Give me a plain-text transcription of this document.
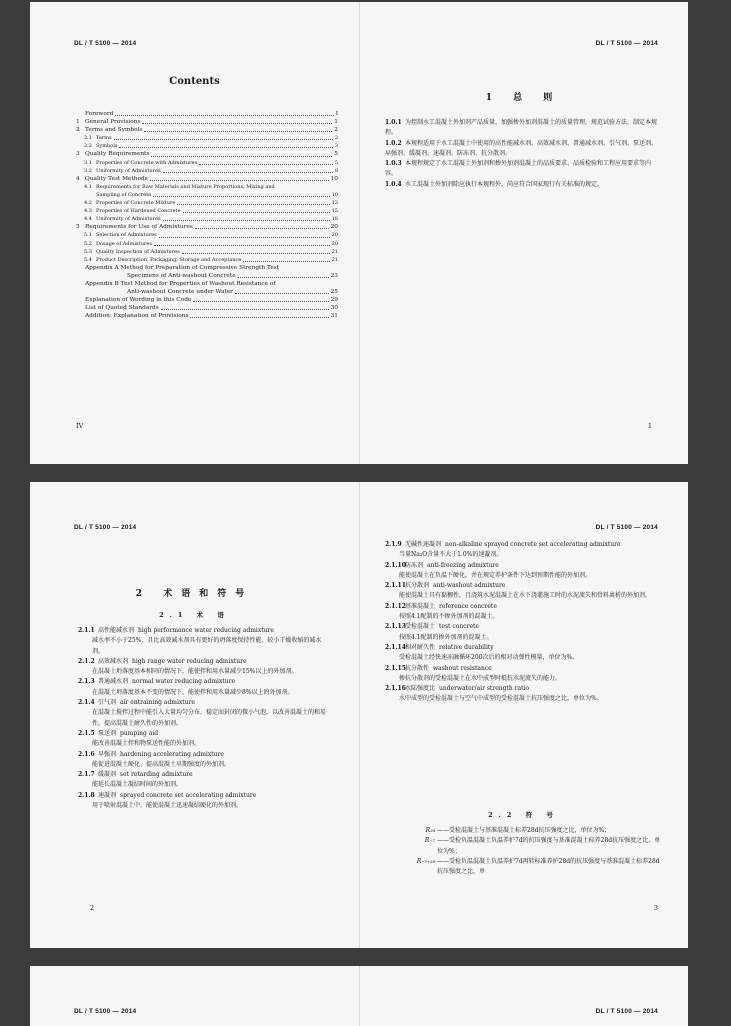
DL / T 5100 — 2014
Contents
Foreword	I
1 General Provisions	1
2 Terms and Symbols	2
2.1 Terms	2
2.2 Symbols	3
3 Quality Requirements	5
3.1 Properties of Concrete with Admixtures	5
3.2 Uniformity of Admixtures	8
4 Quality Test Methods	10
4.1 Requirements for Raw Materials and Mixture Proportions, Mixing and
Sampling of Concrete	10
4.2 Properties of Concrete Mixture	13
4.3 Properties of Hardened Concrete	15
4.4 Uniformity of Admixtures	18
5 Requirements for Use of Admixtures	20
5.1 Selection of Admixtures	20
5.2 Dosage of Admixtures	20
5.3 Quality Inspection of Admixtures	21
5.4 Product Description, Packaging, Storage and Acceptance	21
Appendix A Method for Preparation of Compressive Strength Test
Specimens of Anti-washout Concrete	23
Appendix B Test Method for Properties of Washout Resistance of
Anti-washout Concrete under Water	25
Explanation of Wording in this Code	29
List of Quoted Standards	30
Addition: Explanation of Provisions	31
IV
DL / T 5100 — 2014
1 总 则

1.0.1 为控制水工混凝土外加剂产品质量，加强掺外加剂混凝土的质量管理，规范试验方法，制定本规程。

1.0.2 本规程适用于水工混凝土中使用的高性能减水剂、高效减水剂、普通减水剂、引气剂、泵送剂、早强剂、缓凝剂、速凝剂、防冻剂、抗分散剂。

1.0.3 本规程规定了水工混凝土外加剂和掺外加剂混凝土的品质要求、品质检验和工程应用要求等内容。

1.0.4 水工混凝土外加剂除应执行本规程外，尚应符合国家现行有关标准的规定。

1
DL / T 5100 — 2014
2 术语和符号
2.1 术 语
2.1.1 高性能减水剂 high performance water reducing admixture
减水率不小于25%，且比高效减水剂具有更好的坍落度保持性能、较小干燥收缩的减水剂。
2.1.2 高效减水剂 high range water reducing admixture
在混凝土坍落度基本相同的情况下，能使拌和用水量减少15%以上的外加剂。
2.1.3 普通减水剂 normal water reducing admixture
在混凝土坍落度基本不变的情况下，能使拌和用水量减少8%以上的外加剂。
2.1.4 引气剂 air entraining admixture
在混凝土搅拌过程中能引入大量均匀分布、稳定而封闭的微小气泡，以改善混凝土的和易性，提高混凝土耐久性的外加剂。
2.1.5 泵送剂 pumping aid
能改善混凝土拌和物泵送性能的外加剂。
2.1.6 早强剂 hardening accelerating admixture
能促进混凝土硬化、提高混凝土早期强度的外加剂。
2.1.7 缓凝剂 set retarding admixture
能延长混凝土凝结时间的外加剂。
2.1.8 速凝剂 sprayed concrete set accelerating admixture
用于喷射混凝土中，能使混凝土迅速凝结硬化的外加剂。
2
DL / T 5100 — 2014
2.1.9 无碱性速凝剂 non-alkaline sprayed concrete set accelerating admixture
当量Na₂O含量不大于1.0%的速凝剂。
2.1.10防冻剂 anti-freezing admixture
能使混凝土在负温下硬化，并在规定养护条件下达到预期性能的外加剂。
2.1.11抗分散剂 anti-washout admixture
能使混凝土具有黏稠性，且浇筑水泥混凝土在水下浇灌施工时的水泥流失和骨料离析的外加剂。
2.1.12基准混凝土 reference concrete
按照4.1配制的不掺外加剂的混凝土。
2.1.13受检混凝土 test concrete
按照4.1配制的掺外加剂的混凝土。
2.1.14相对耐久性 relative durability
受检混凝土经快速冻融循环200次后的相对动弹性模量，单位为%。
2.1.15抗分散性 washout resistance
掺抗分散剂的受检混凝土在水中成型时抵抗水泥流失的能力。
2.1.16水陆强度比 underwater/air strength ratio
水中成型的受检混凝土与空气中成型的受检混凝土抗压强度之比，单位为%。
2.2 符 号
R₂₈ ——受检混凝土与基准混凝土标养28d抗压强度之比，单位为%；
R₋₇ ——受检负温混凝土负温养护7d的抗压强度与基准混凝土标养28d抗压强度之比，单位为%；
R₋₇₊₂₈ ——受检负温混凝土负温养护7d再转标准养护28d的抗压强度与基准混凝土标养28d抗压强度之比，单
3
DL / T 5100 — 2014	DL / T 5100 — 2014
